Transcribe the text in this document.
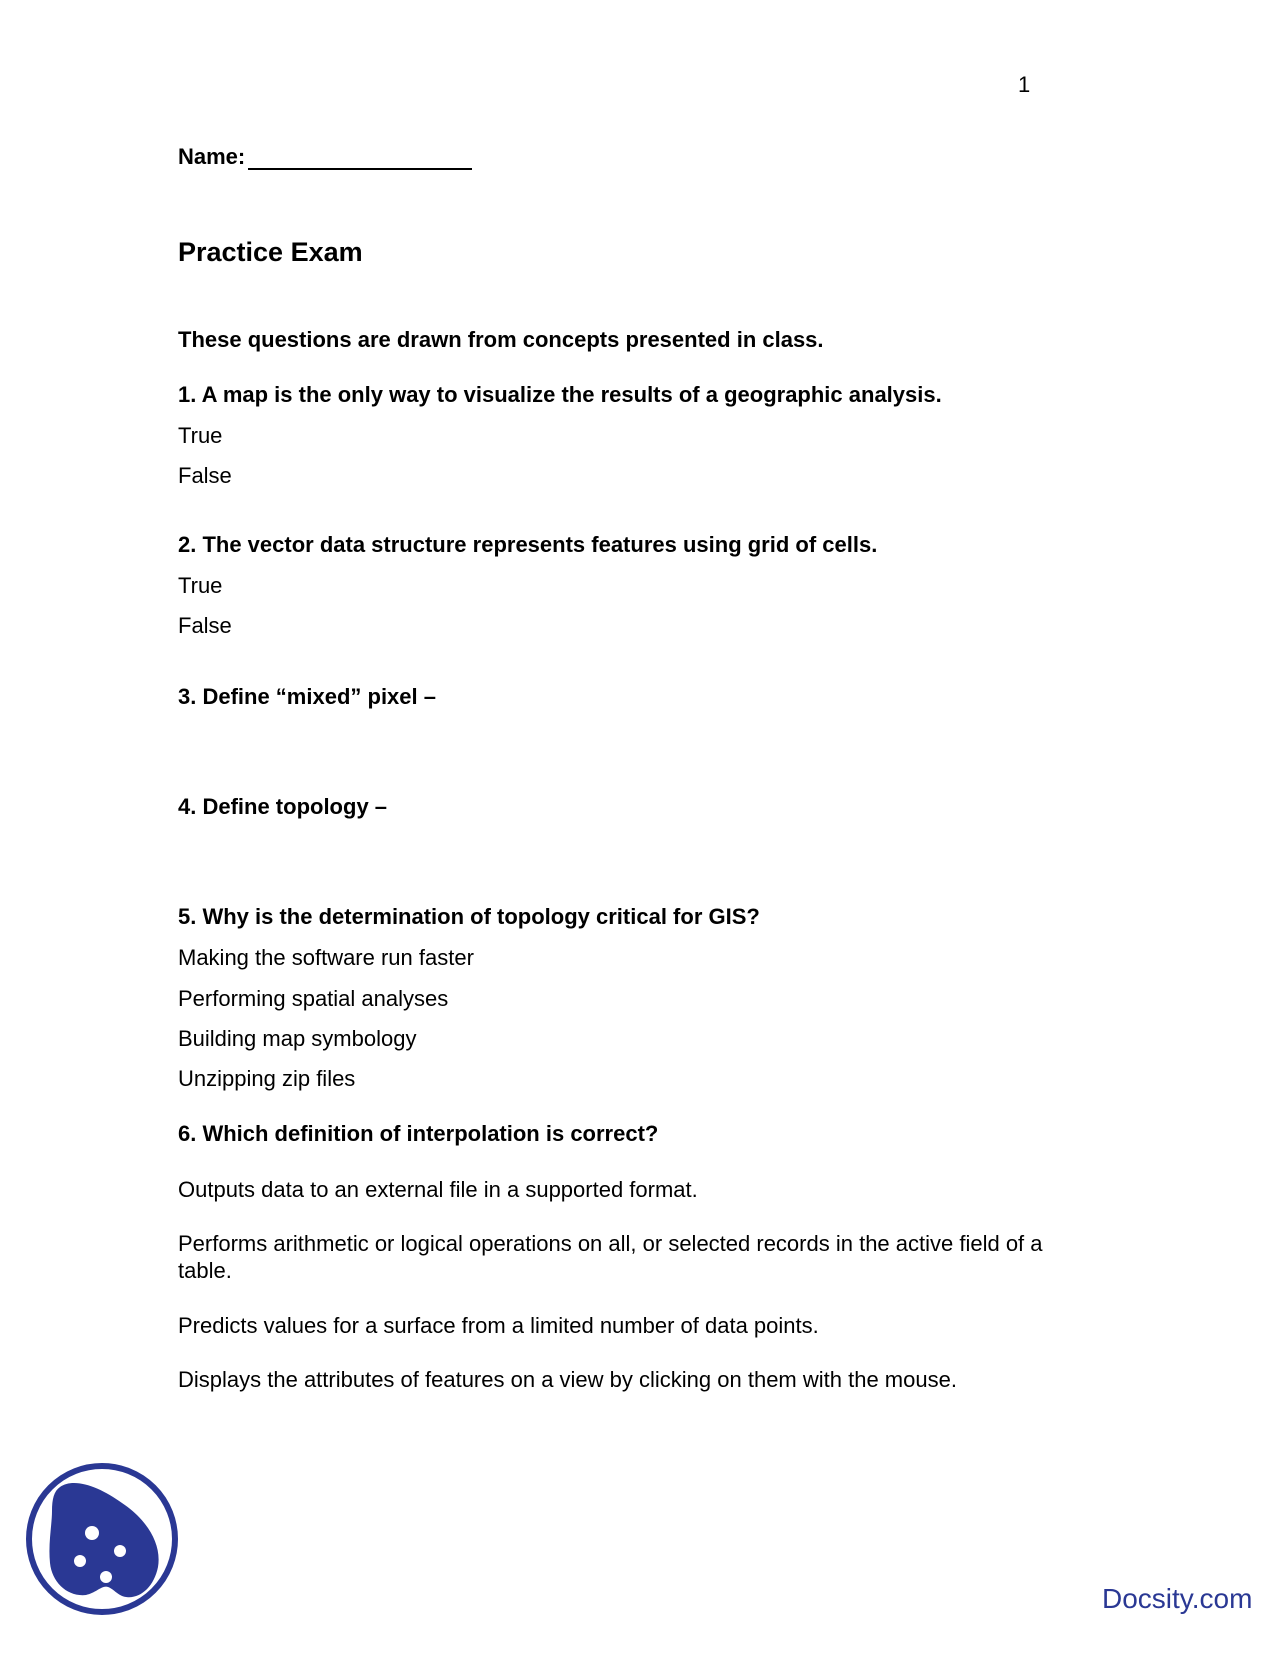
1
Name:
Practice Exam
These questions are drawn from concepts presented in class.
1. A map is the only way to visualize the results of a geographic analysis.
True
False
2. The vector data structure represents features using grid of cells.
True
False
3. Define “mixed” pixel –
4. Define topology –
5. Why is the determination of topology critical for GIS?
Making the software run faster
Performing spatial analyses
Building map symbology
Unzipping zip files
6. Which definition of interpolation is correct?
Outputs data to an external file in a supported format.
Performs arithmetic or logical operations on all, or selected records in the active field of a table.
Predicts values for a surface from a limited number of data points.
Displays the attributes of features on a view by clicking on them with the mouse.
Docsity.com
